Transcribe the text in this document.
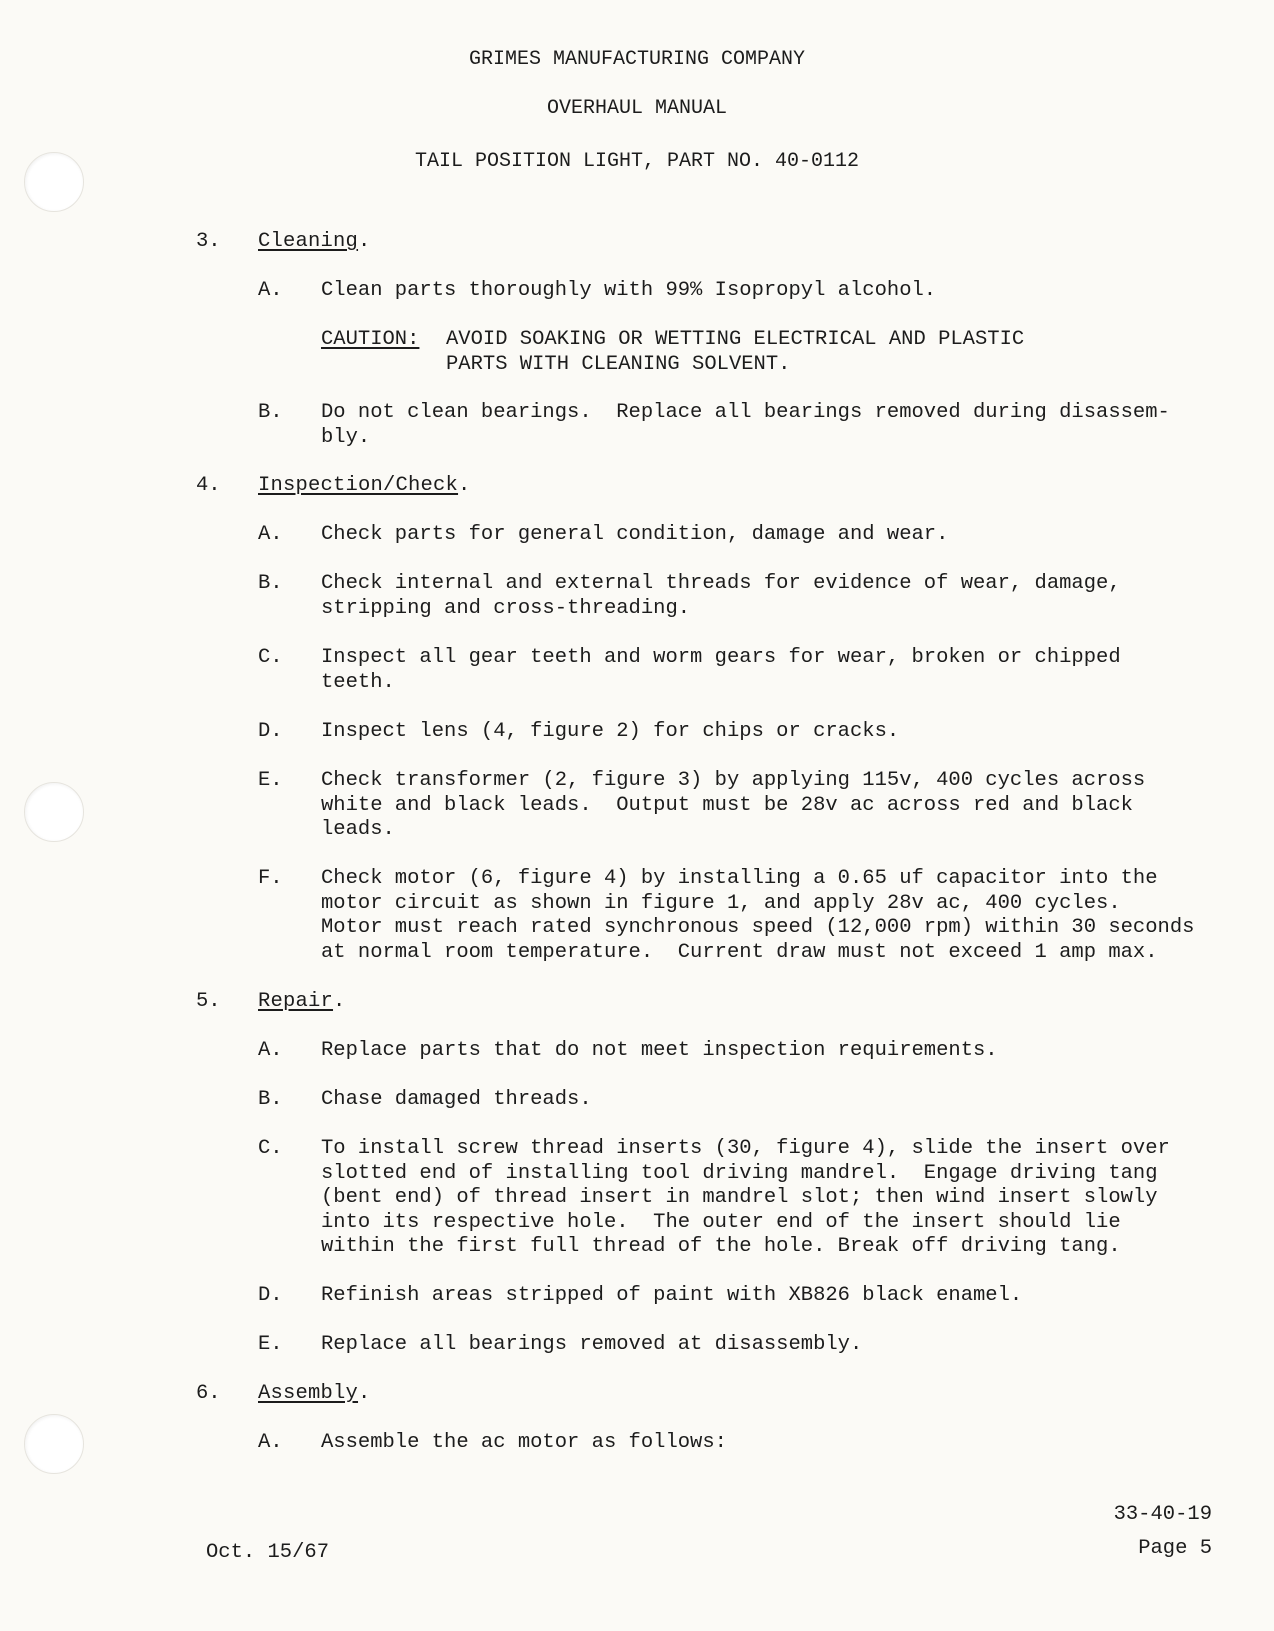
GRIMES MANUFACTURING COMPANY
OVERHAUL MANUAL
TAIL POSITION LIGHT, PART NO. 40-0112
3. Cleaning.
A. Clean parts thoroughly with 99% Isopropyl alcohol.
CAUTION: AVOID SOAKING OR WETTING ELECTRICAL AND PLASTIC
PARTS WITH CLEANING SOLVENT.
B. Do not clean bearings.  Replace all bearings removed during disassem-
bly.
4. Inspection/Check.
A. Check parts for general condition, damage and wear.
B. Check internal and external threads for evidence of wear, damage,
stripping and cross-threading.
C. Inspect all gear teeth and worm gears for wear, broken or chipped
teeth.
D. Inspect lens (4, figure 2) for chips or cracks.
E. Check transformer (2, figure 3) by applying 115v, 400 cycles across
white and black leads.  Output must be 28v ac across red and black
leads.
F. Check motor (6, figure 4) by installing a 0.65 uf capacitor into the
motor circuit as shown in figure 1, and apply 28v ac, 400 cycles.
Motor must reach rated synchronous speed (12,000 rpm) within 30 seconds
at normal room temperature.  Current draw must not exceed 1 amp max.
5. Repair.
A. Replace parts that do not meet inspection requirements.
B. Chase damaged threads.
C. To install screw thread inserts (30, figure 4), slide the insert over
slotted end of installing tool driving mandrel.  Engage driving tang
(bent end) of thread insert in mandrel slot; then wind insert slowly
into its respective hole.  The outer end of the insert should lie
within the first full thread of the hole. Break off driving tang.
D. Refinish areas stripped of paint with XB826 black enamel.
E. Replace all bearings removed at disassembly.
6. Assembly.
A. Assemble the ac motor as follows:
Oct. 15/67
33-40-19
Page 5
